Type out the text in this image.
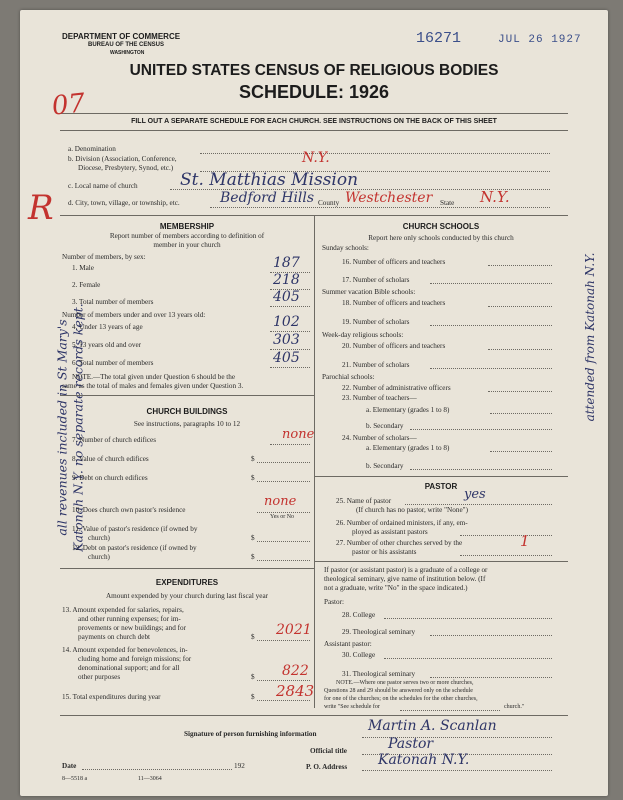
DEPARTMENT OF COMMERCE
BUREAU OF THE CENSUS
WASHINGTON
16271	JUL 26 1927
UNITED STATES CENSUS OF RELIGIOUS BODIES
SCHEDULE: 1926
FILL OUT A SEPARATE SCHEDULE FOR EACH CHURCH. SEE INSTRUCTIONS ON THE BACK OF THIS SHEET
07
R
all revenues included in St Mary's Katonah N.Y. no separate records kept.	attended from Katonah N.Y.
a. Denomination
b. Division (Association, Conference,
Diocese, Presbytery, Synod, etc.)
N.Y.
c. Local name of church St. Matthias Mission
d. City, town, village, or township, etc.	Bedford Hills County Westchester State N.Y.
MEMBERSHIP
Report number of members according to definition of
member in your church
Number of members, by sex:
1. Male	187
2. Female	218
3. Total number of members	405
Number of members under and over 13 years old:
4. Under 13 years of age	102
5. 13 years old and over	303
6. Total number of members	405
NOTE.—The total given under Question 6 should be the
same as the total of males and females given under Question 3.
CHURCH BUILDINGS
See instructions, paragraphs 10 to 12
7. Number of church edifices	none
8. Value of church edifices	$
9. Debt on church edifices	$
10. Does church own pastor's residence
none
Yes or No
11. Value of pastor's residence (if owned by
church)	$
12. Debt on pastor's residence (if owned by
church)	$
EXPENDITURES
Amount expended by your church during last fiscal year
13. Amount expended for salaries, repairs,
and other running expenses; for im-
provements or new buildings; and for
payments on church debt	$ 2021
14. Amount expended for benevolences, in-
cluding home and foreign missions; for
denominational support; and for all
other purposes	$ 822
15. Total expenditures during year	$ 2843
CHURCH SCHOOLS
Report here only schools conducted by this church
Sunday schools:
16. Number of officers and teachers
17. Number of scholars
Summer vacation Bible schools:
18. Number of officers and teachers
19. Number of scholars
Week-day religious schools:
20. Number of officers and teachers
21. Number of scholars
Parochial schools:
22. Number of administrative officers
23. Number of teachers—
a. Elementary (grades 1 to 8)
b. Secondary
24. Number of scholars—
a. Elementary (grades 1 to 8)
b. Secondary
PASTOR
25. Name of pastor	yes
(If church has no pastor, write "None")
26. Number of ordained ministers, if any, em-
ployed as assistant pastors
27. Number of other churches served by the
pastor or his assistants
1
If pastor (or assistant pastor) is a graduate of a college or
theological seminary, give name of institution below. (If
not a graduate, write "No" in the space indicated.)
Pastor:
28. College
29. Theological seminary
Assistant pastor:
30. College
31. Theological seminary
NOTE.—Where one pastor serves two or more churches,
Questions 28 and 29 should be answered only on the schedule
for one of the churches; on the schedules for the other churches,
write "See schedule for	church."
Signature of person furnishing information	Martin A. Scanlan
Official title	Pastor
Date	192	P. O. Address Katonah N.Y.
8—5518 a	11—3064
